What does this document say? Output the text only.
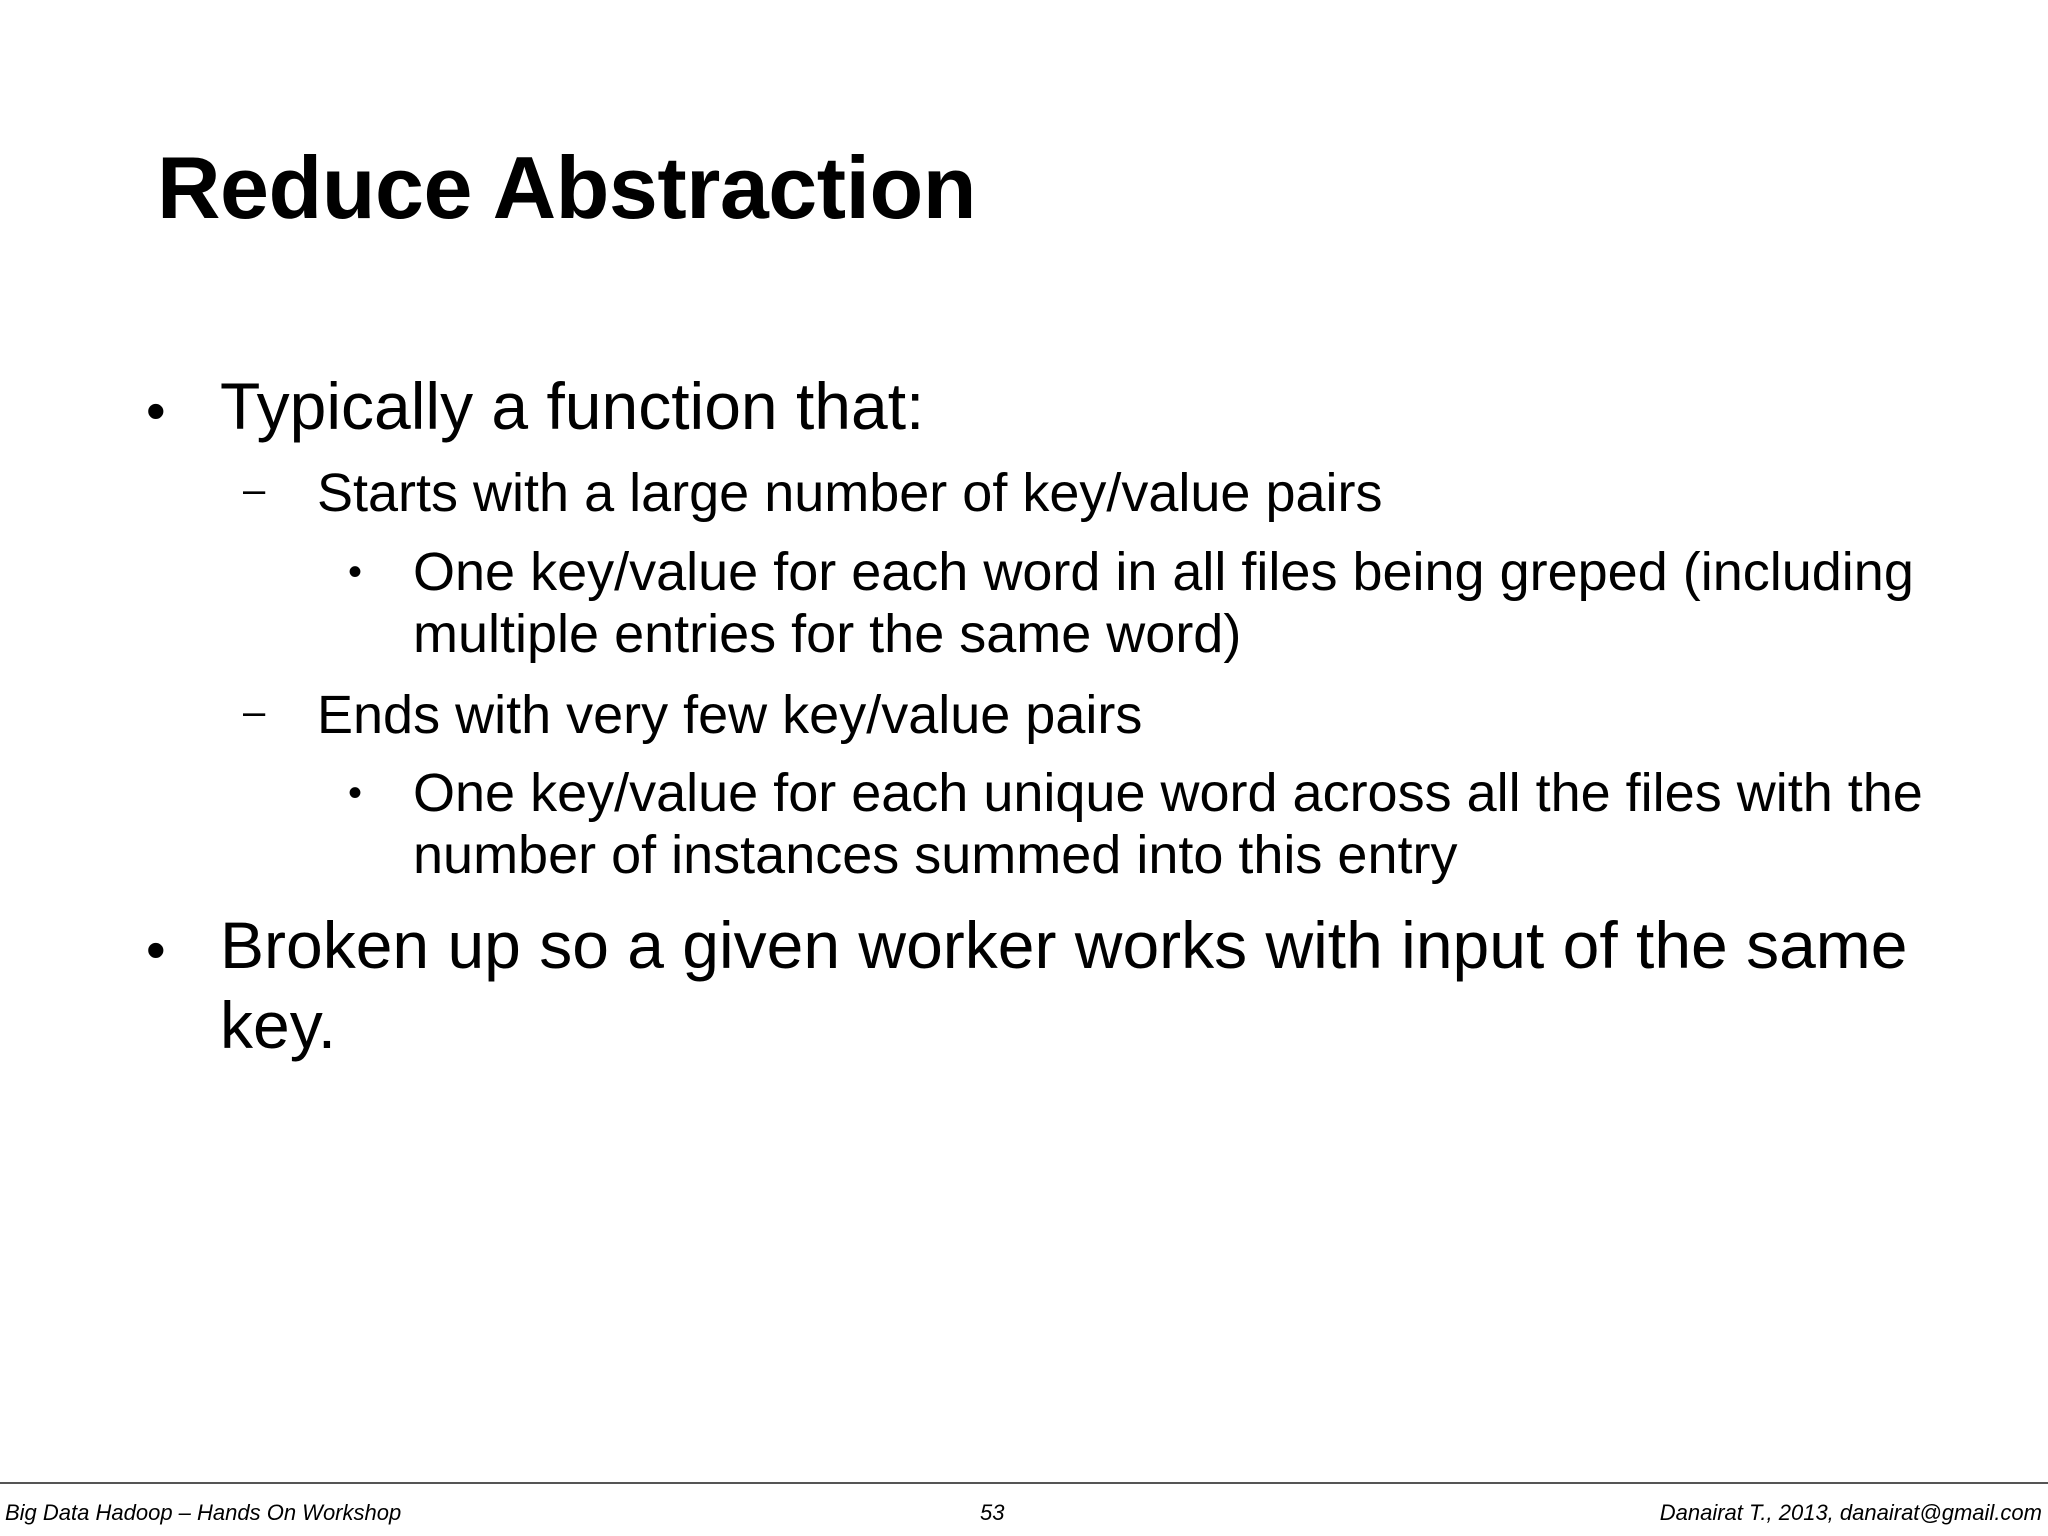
Reduce Abstraction
• Typically a function that:
– Starts with a large number of key/value pairs
• One key/value for each word in all files being greped (including multiple entries for the same word)
– Ends with very few key/value pairs
• One key/value for each unique word across all the files with the number of instances summed into this entry
• Broken up so a given worker works with input of the same key.
Big Data Hadoop – Hands On Workshop	53	Danairat T., 2013, danairat@gmail.com
